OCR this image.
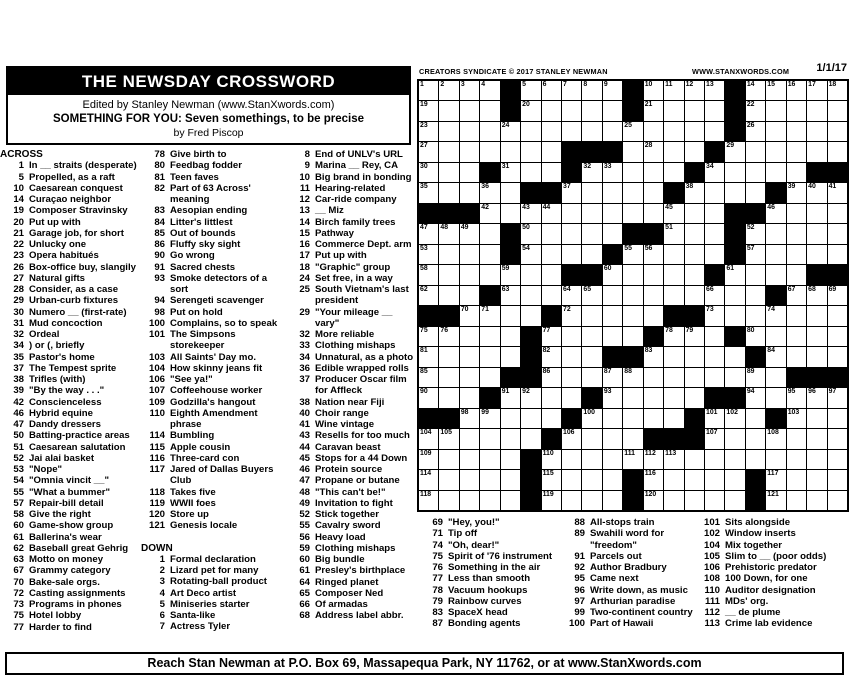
THE NEWSDAY CROSSWORD
Edited by Stanley Newman (www.StanXwords.com)
SOMETHING FOR YOU: Seven somethings, to be precise
by Fred Piscop
CREATORS SYNDICATE © 2017 STANLEY NEWMAN	WWW.STANXWORDS.COM 1/1/17
1 2 3 4	5 6 7 8 9	10 11 12 13	14 15 16 17 18
19	20	21	22
23	24	25	26
27	28	29
30	31	32 33	34
35	36	37	38	39 40 41
42	43 44	45	46
47 48 49	50	51	52
53	54	55 56	57
58	59	60	61
62	63	64 65	66	67 68 69
70 71	72	73	74
75 76	77	78 79	80
81	82	83	84
85	86	87 88	89
90	91 92	93	94	95 96 97
98 99	100	101 102	103
104 105	106	107	108
109	110	111 112 113
114	115	116	117
118	119	120	121
ACROSS
1 In __ straits (desperate)
5 Propelled, as a raft
10 Caesarean conquest
14 Curaçao neighbor
19 Composer Stravinsky
20 Put up with
21 Garage job, for short
22 Unlucky one
23 Opera habitués
26 Box-office buy, slangily
27 Natural gifts
28 Consider, as a case
29 Urban-curb fixtures
30 Numero __ (first-rate)
31 Mud concoction
32 Ordeal
34 ) or (, briefly
35 Pastor's home
37 The Tempest sprite
38 Trifles (with)
39 "By the way . . ."
42 Conscienceless
46 Hybrid equine
47 Dandy dressers
50 Batting-practice areas
51 Caesarean salutation
52 Jai alai basket
53 "Nope"
54 "Omnia vincit __"
55 "What a bummer"
57 Repair-bill detail
58 Give the right
60 Game-show group
61 Ballerina's wear
62 Baseball great Gehrig
63 Motto on money
67 Grammy category
70 Bake-sale orgs.
72 Casting assignments
73 Programs in phones
75 Hotel lobby
77 Harder to find
78 Give birth to
80 Feedbag fodder
81 Teen faves
82 Part of 63 Across' meaning
83 Aesopian ending
84 Litter's littlest
85 Out of bounds
86 Fluffy sky sight
90 Go wrong
91 Sacred chests
93 Smoke detectors of a sort
94 Serengeti scavenger
98 Put on hold
100 Complains, so to speak
101 The Simpsons storekeeper
103 All Saints' Day mo.
104 How skinny jeans fit
106 "See ya!"
107 Coffeehouse worker
109 Godzilla's hangout
110 Eighth Amendment phrase
114 Bumbling
115 Apple cousin
116 Three-card con
117 Jared of Dallas Buyers Club
118 Takes five
119 WWII foes
120 Store up
121 Genesis locale
DOWN
1 Formal declaration
2 Lizard pet for many
3 Rotating-ball product
4 Art Deco artist
5 Miniseries starter
6 Santa-like
7 Actress Tyler
8 End of UNLV's URL
9 Marina __ Rey, CA
10 Big brand in bonding
11 Hearing-related
12 Car-ride company
13 __ Miz
14 Birch family trees
15 Pathway
16 Commerce Dept. arm
17 Put up with
18 "Graphic" group
24 Set free, in a way
25 South Vietnam's last president
29 "Your mileage __ vary"
32 More reliable
33 Clothing mishaps
34 Unnatural, as a photo
36 Edible wrapped rolls
37 Producer Oscar film for Affleck
38 Nation near Fiji
40 Choir range
41 Wine vintage
43 Resells for too much
44 Caravan beast
45 Stops for a 44 Down
46 Protein source
47 Propane or butane
48 "This can't be!"
49 Invitation to fight
52 Stick together
55 Cavalry sword
56 Heavy load
59 Clothing mishaps
60 Big bundle
61 Presley's birthplace
64 Ringed planet
65 Composer Ned
66 Of armadas
68 Address label abbr.
69 "Hey, you!"
71 Tip off
74 "Oh, dear!"
75 Spirit of '76 instrument
76 Something in the air
77 Less than smooth
78 Vacuum hookups
79 Rainbow curves
83 SpaceX head
87 Bonding agents
88 All-stops train
89 Swahili word for "freedom"
91 Parcels out
92 Author Bradbury
95 Came next
96 Write down, as music
97 Arthurian paradise
99 Two-continent country
100 Part of Hawaii
101 Sits alongside
102 Window inserts
104 Mix together
105 Slim to __ (poor odds)
106 Prehistoric predator
108 100 Down, for one
110 Auditor designation
111 MDs' org.
112 __ de plume
113 Crime lab evidence
Reach Stan Newman at P.O. Box 69, Massapequa Park, NY 11762, or at www.StanXwords.com
